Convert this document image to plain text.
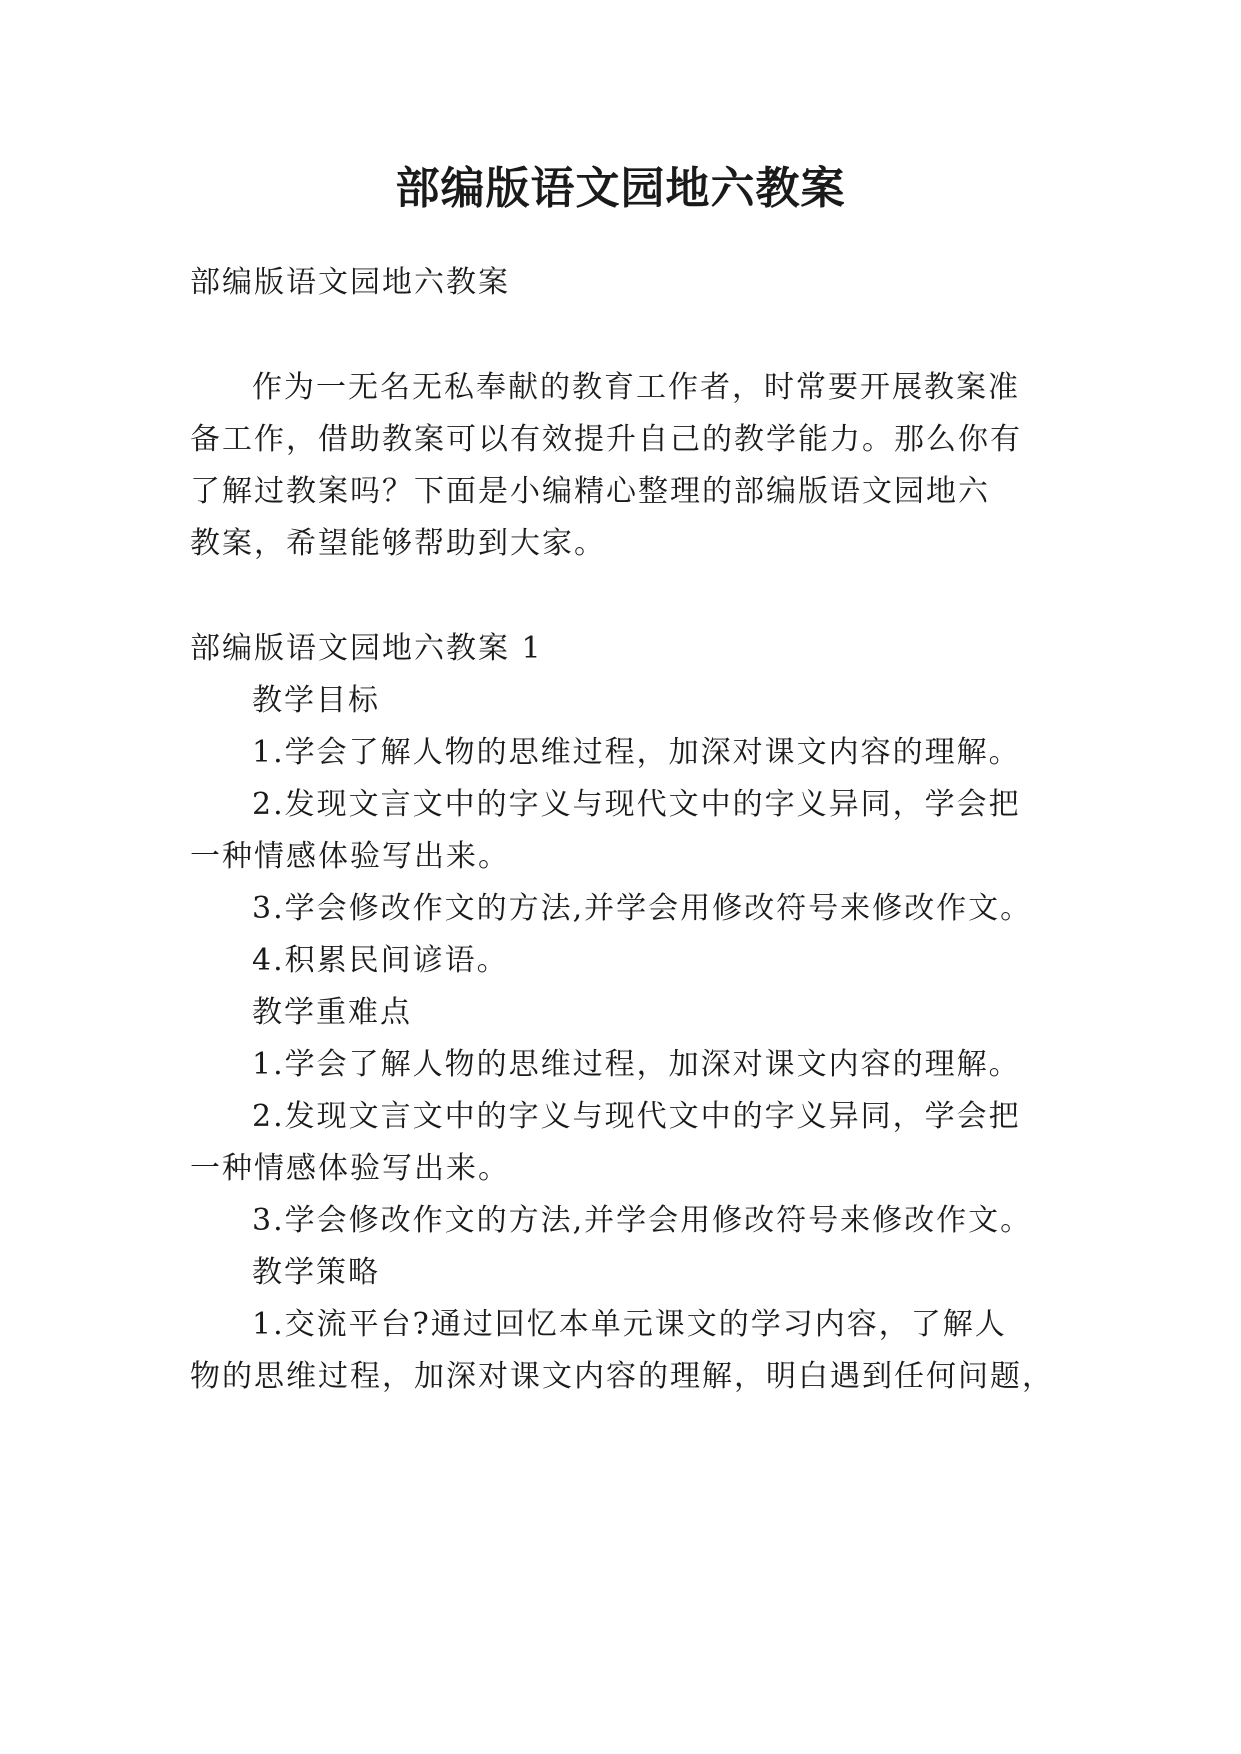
部编版语文园地六教案

部编版语文园地六教案

作为一无名无私奉献的教育工作者，时常要开展教案准

备工作，借助教案可以有效提升自己的教学能力。那么你有

了解过教案吗？下面是小编精心整理的部编版语文园地六

教案，希望能够帮助到大家。

部编版语文园地六教案 1

教学目标

1.学会了解人物的思维过程，加深对课文内容的理解。

2.发现文言文中的字义与现代文中的字义异同，学会把

一种情感体验写出来。

3.学会修改作文的方法,并学会用修改符号来修改作文。

4.积累民间谚语。

教学重难点

1.学会了解人物的思维过程，加深对课文内容的理解。

2.发现文言文中的字义与现代文中的字义异同，学会把

一种情感体验写出来。

3.学会修改作文的方法,并学会用修改符号来修改作文。

教学策略

1.交流平台?通过回忆本单元课文的学习内容，了解人

物的思维过程，加深对课文内容的理解，明白遇到任何问题，
